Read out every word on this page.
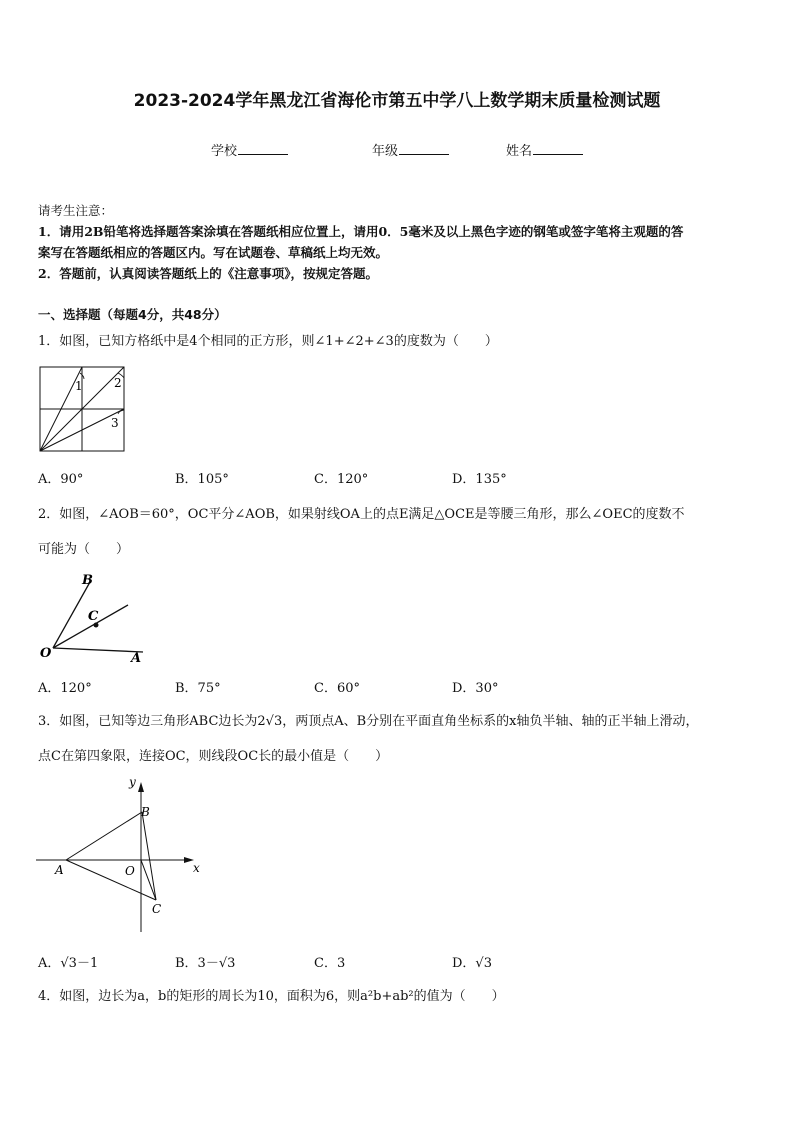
2023-2024学年黑龙江省海伦市第五中学八上数学期末质量检测试题
学校	年级	姓名
请考生注意：
1．请用2B铅笔将选择题答案涂填在答题纸相应位置上，请用0．5毫米及以上黑色字迹的钢笔或签字笔将主观题的答
案写在答题纸相应的答题区内。写在试题卷、草稿纸上均无效。
2．答题前，认真阅读答题纸上的《注意事项》，按规定答题。
一、选择题（每题4分，共48分）
1．如图，已知方格纸中是4个相同的正方形，则∠1+∠2+∠3的度数为（　　）
1	2
3
A．90°	B．105°	C．120°	D．135°
2．如图，∠AOB＝60°，OC平分∠AOB，如果射线OA上的点E满足△OCE是等腰三角形，那么∠OEC的度数不
可能为（　　）
B
C
O	A
A．120°	B．75°	C．60°	D．30°
3．如图，已知等边三角形ABC边长为2√3，两顶点A、B分别在平面直角坐标系的x轴负半轴、轴的正半轴上滑动，
点C在第四象限，连接OC，则线段OC长的最小值是（　　）
y
x
B
A	O
C
A．√3－1	B．3－√3	C．3	D．√3
4．如图，边长为a，b的矩形的周长为10，面积为6，则a²b+ab²的值为（　　）
